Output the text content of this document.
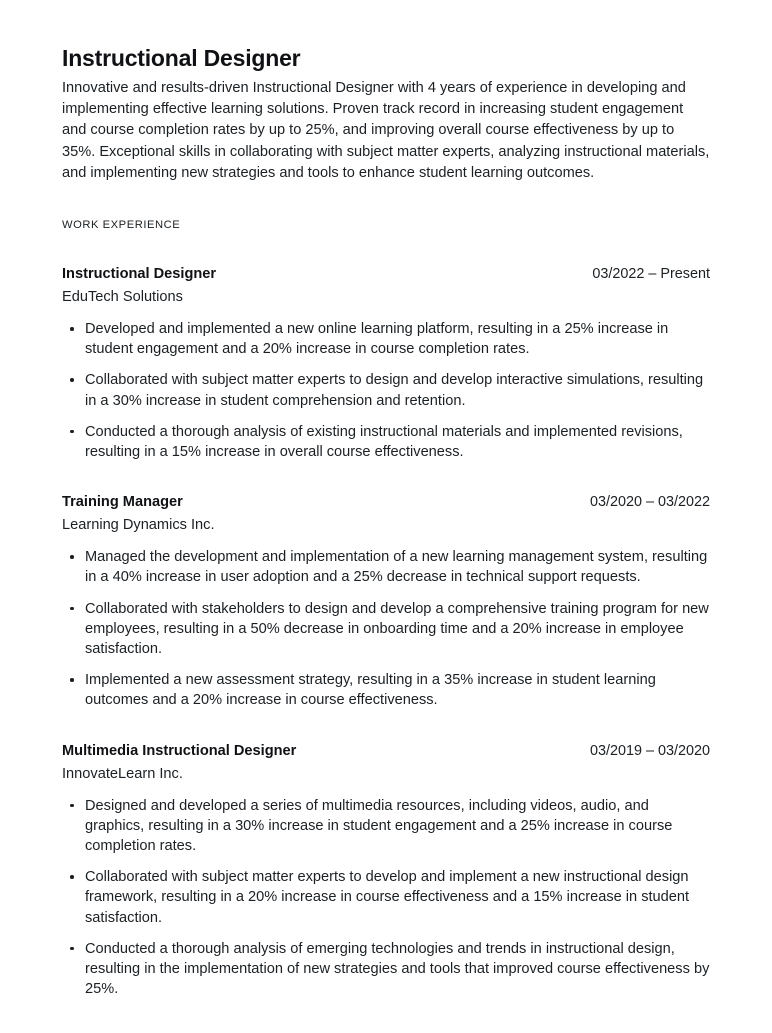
Instructional Designer

Innovative and results-driven Instructional Designer with 4 years of experience in developing and implementing effective learning solutions. Proven track record in increasing student engagement and course completion rates by up to 25%, and improving overall course effectiveness by up to 35%. Exceptional skills in collaborating with subject matter experts, analyzing instructional materials, and implementing new strategies and tools to enhance student learning outcomes.

WORK EXPERIENCE
Instructional Designer	03/2022 – Present
EduTech Solutions
Developed and implemented a new online learning platform, resulting in a 25% increase in student engagement and a 20% increase in course completion rates.
Collaborated with subject matter experts to design and develop interactive simulations, resulting in a 30% increase in student comprehension and retention.
Conducted a thorough analysis of existing instructional materials and implemented revisions, resulting in a 15% increase in overall course effectiveness.
Training Manager	03/2020 – 03/2022
Learning Dynamics Inc.
Managed the development and implementation of a new learning management system, resulting in a 40% increase in user adoption and a 25% decrease in technical support requests.
Collaborated with stakeholders to design and develop a comprehensive training program for new employees, resulting in a 50% decrease in onboarding time and a 20% increase in employee satisfaction.
Implemented a new assessment strategy, resulting in a 35% increase in student learning outcomes and a 20% increase in course effectiveness.
Multimedia Instructional Designer	03/2019 – 03/2020
InnovateLearn Inc.
Designed and developed a series of multimedia resources, including videos, audio, and graphics, resulting in a 30% increase in student engagement and a 25% increase in course completion rates.
Collaborated with subject matter experts to develop and implement a new instructional design framework, resulting in a 20% increase in course effectiveness and a 15% increase in student satisfaction.
Conducted a thorough analysis of emerging technologies and trends in instructional design, resulting in the implementation of new strategies and tools that improved course effectiveness by 25%.
